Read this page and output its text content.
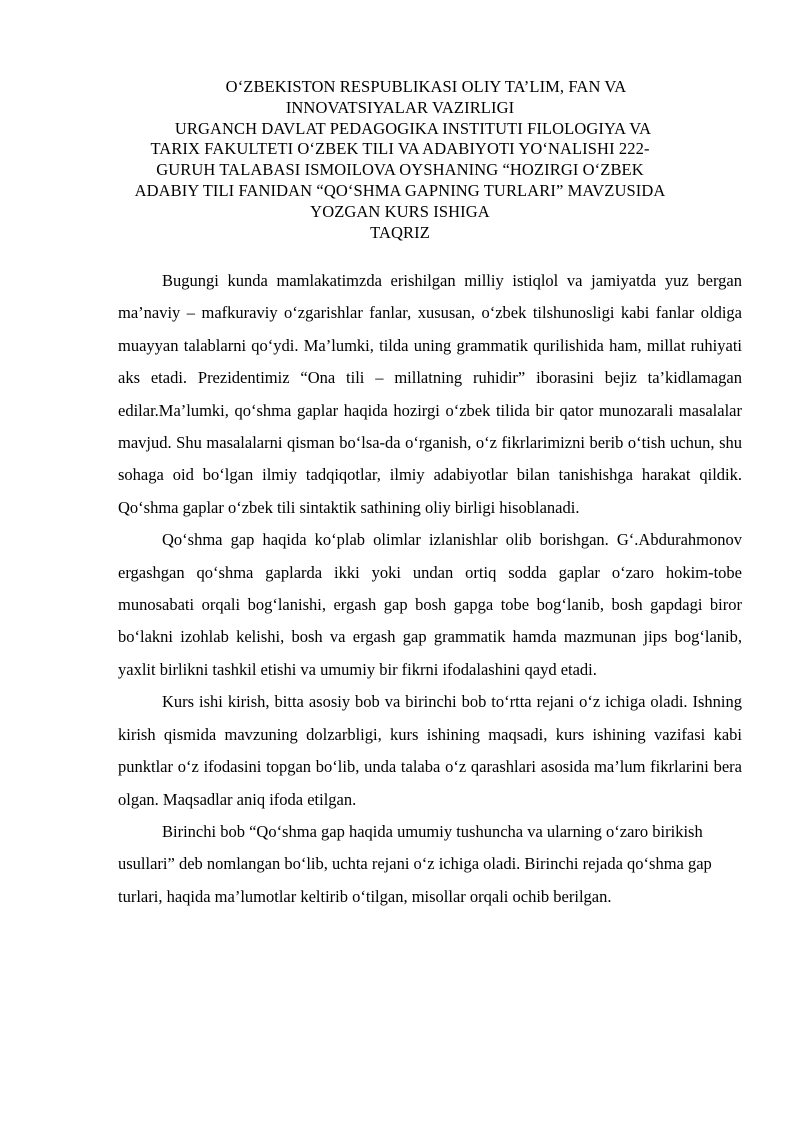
O‘ZBEKISTON RESPUBLIKASI OLIY TA’LIM, FAN VA
INNOVATSIYALAR VAZIRLIGI
URGANCH DAVLAT PEDAGOGIKA INSTITUTI FILOLOGIYA VA
TARIX FAKULTETI O‘ZBEK TILI VA ADABIYOTI YO‘NALISHI 222-
GURUH TALABASI ISMOILOVA OYSHANING “HOZIRGI O‘ZBEK
ADABIY TILI FANIDAN “QO‘SHMA GAPNING TURLARI” MAVZUSIDA
YOZGAN KURS ISHIGA
TAQRIZ

Bugungi kunda mamlakatimzda erishilgan milliy istiqlol va jamiyatda yuz bergan ma’naviy – mafkuraviy o‘zgarishlar fanlar, xususan, o‘zbek tilshunosligi kabi fanlar oldiga muayyan talablarni qo‘ydi. Ma’lumki, tilda uning grammatik qurilishida ham, millat ruhiyati aks etadi. Prezidentimiz “Ona tili – millatning ruhidir” iborasini bejiz ta’kidlamagan edilar.Ma’lumki, qo‘shma gaplar haqida hozirgi o‘zbek tilida bir qator munozarali masalalar mavjud. Shu masalalarni qisman bo‘lsa-da o‘rganish, o‘z fikrlarimizni berib o‘tish uchun, shu sohaga oid bo‘lgan ilmiy tadqiqotlar, ilmiy adabiyotlar bilan tanishishga harakat qildik. Qo‘shma gaplar o‘zbek tili sintaktik sathining oliy birligi hisoblanadi.

Qo‘shma gap haqida ko‘plab olimlar izlanishlar olib borishgan. G‘.Abdurahmonov ergashgan qo‘shma gaplarda ikki yoki undan ortiq sodda gaplar o‘zaro hokim-tobe munosabati orqali bog‘lanishi, ergash gap bosh gapga tobe bog‘lanib, bosh gapdagi biror bo‘lakni izohlab kelishi, bosh va ergash gap grammatik hamda mazmunan jips bog‘lanib, yaxlit birlikni tashkil etishi va umumiy bir fikrni ifodalashini qayd etadi.

Kurs ishi kirish, bitta asosiy bob va birinchi bob to‘rtta rejani o‘z ichiga oladi. Ishning kirish qismida mavzuning dolzarbligi, kurs ishining maqsadi, kurs ishining vazifasi kabi punktlar o‘z ifodasini topgan bo‘lib, unda talaba o‘z qarashlari asosida ma’lum fikrlarini bera olgan. Maqsadlar aniq ifoda etilgan.

Birinchi bob “Qo‘shma gap haqida umumiy tushuncha va ularning o‘zaro birikish usullari” deb nomlangan bo‘lib, uchta rejani o‘z ichiga oladi. Birinchi rejada qo‘shma gap turlari, haqida ma’lumotlar keltirib o‘tilgan, misollar orqali ochib berilgan.
